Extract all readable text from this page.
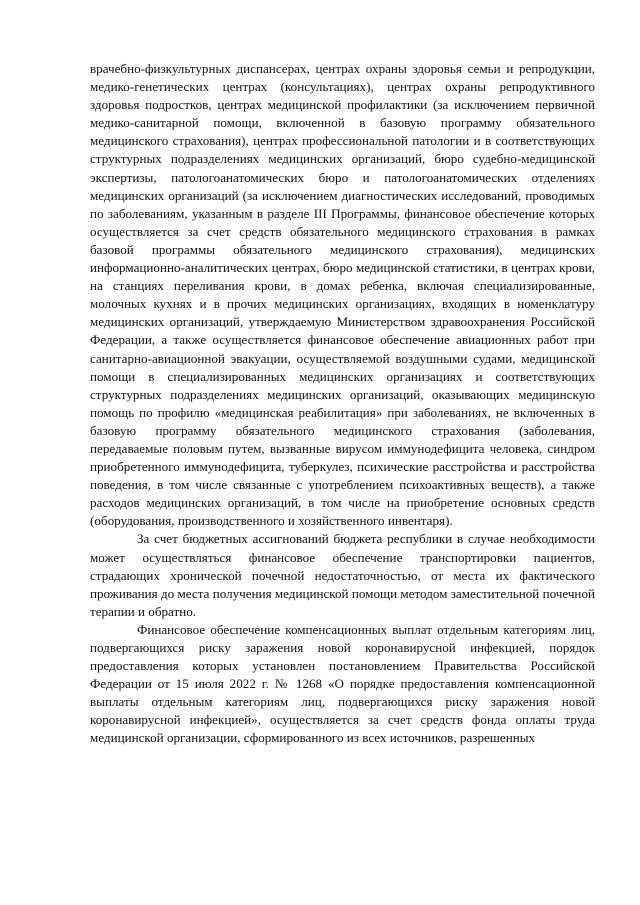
врачебно-физкультурных диспансерах, центрах охраны здоровья семьи и репродукции, медико-генетических центрах (консультациях), центрах охраны репродуктивного здоровья подростков, центрах медицинской профилактики (за исключением первичной медико-санитарной помощи, включенной в базовую программу обязательного медицинского страхования), центрах профессиональной патологии и в соответствующих структурных подразделениях медицинских организаций, бюро судебно-медицинской экспертизы, патологоанатомических бюро и патологоанатомических отделениях медицинских организаций (за исключением диагностических исследований, проводимых по заболеваниям, указанным в разделе III Программы, финансовое обеспечение которых осуществляется за счет средств обязательного медицинского страхования в рамках базовой программы обязательного медицинского страхования), медицинских информационно-аналитических центрах, бюро медицинской статистики, в центрах крови, на станциях переливания крови, в домах ребенка, включая специализированные, молочных кухнях и в прочих медицинских организациях, входящих в номенклатуру медицинских организаций, утверждаемую Министерством здравоохранения Российской Федерации, а также осуществляется финансовое обеспечение авиационных работ при санитарно-авиационной эвакуации, осуществляемой воздушными судами, медицинской помощи в специализированных медицинских организациях и соответствующих структурных подразделениях медицинских организаций, оказывающих медицинскую помощь по профилю «медицинская реабилитация» при заболеваниях, не включенных в базовую программу обязательного медицинского страхования (заболевания, передаваемые половым путем, вызванные вирусом иммунодефицита человека, синдром приобретенного иммунодефицита, туберкулез, психические расстройства и расстройства поведения, в том числе связанные с употреблением психоактивных веществ), а также расходов медицинских организаций, в том числе на приобретение основных средств (оборудования, производственного и хозяйственного инвентаря).

За счет бюджетных ассигнований бюджета республики в случае необходимости может осуществляться финансовое обеспечение транспортировки пациентов, страдающих хронической почечной недостаточностью, от места их фактического проживания до места получения медицинской помощи методом заместительной почечной терапии и обратно.

Финансовое обеспечение компенсационных выплат отдельным категориям лиц, подвергающихся риску заражения новой коронавирусной инфекцией, порядок предоставления которых установлен постановлением Правительства Российской Федерации от 15 июля 2022 г. № 1268 «О порядке предоставления компенсационной выплаты отдельным категориям лиц, подвергающихся риску заражения новой коронавирусной инфекцией», осуществляется за счет средств фонда оплаты труда медицинской организации, сформированного из всех источников, разрешенных
